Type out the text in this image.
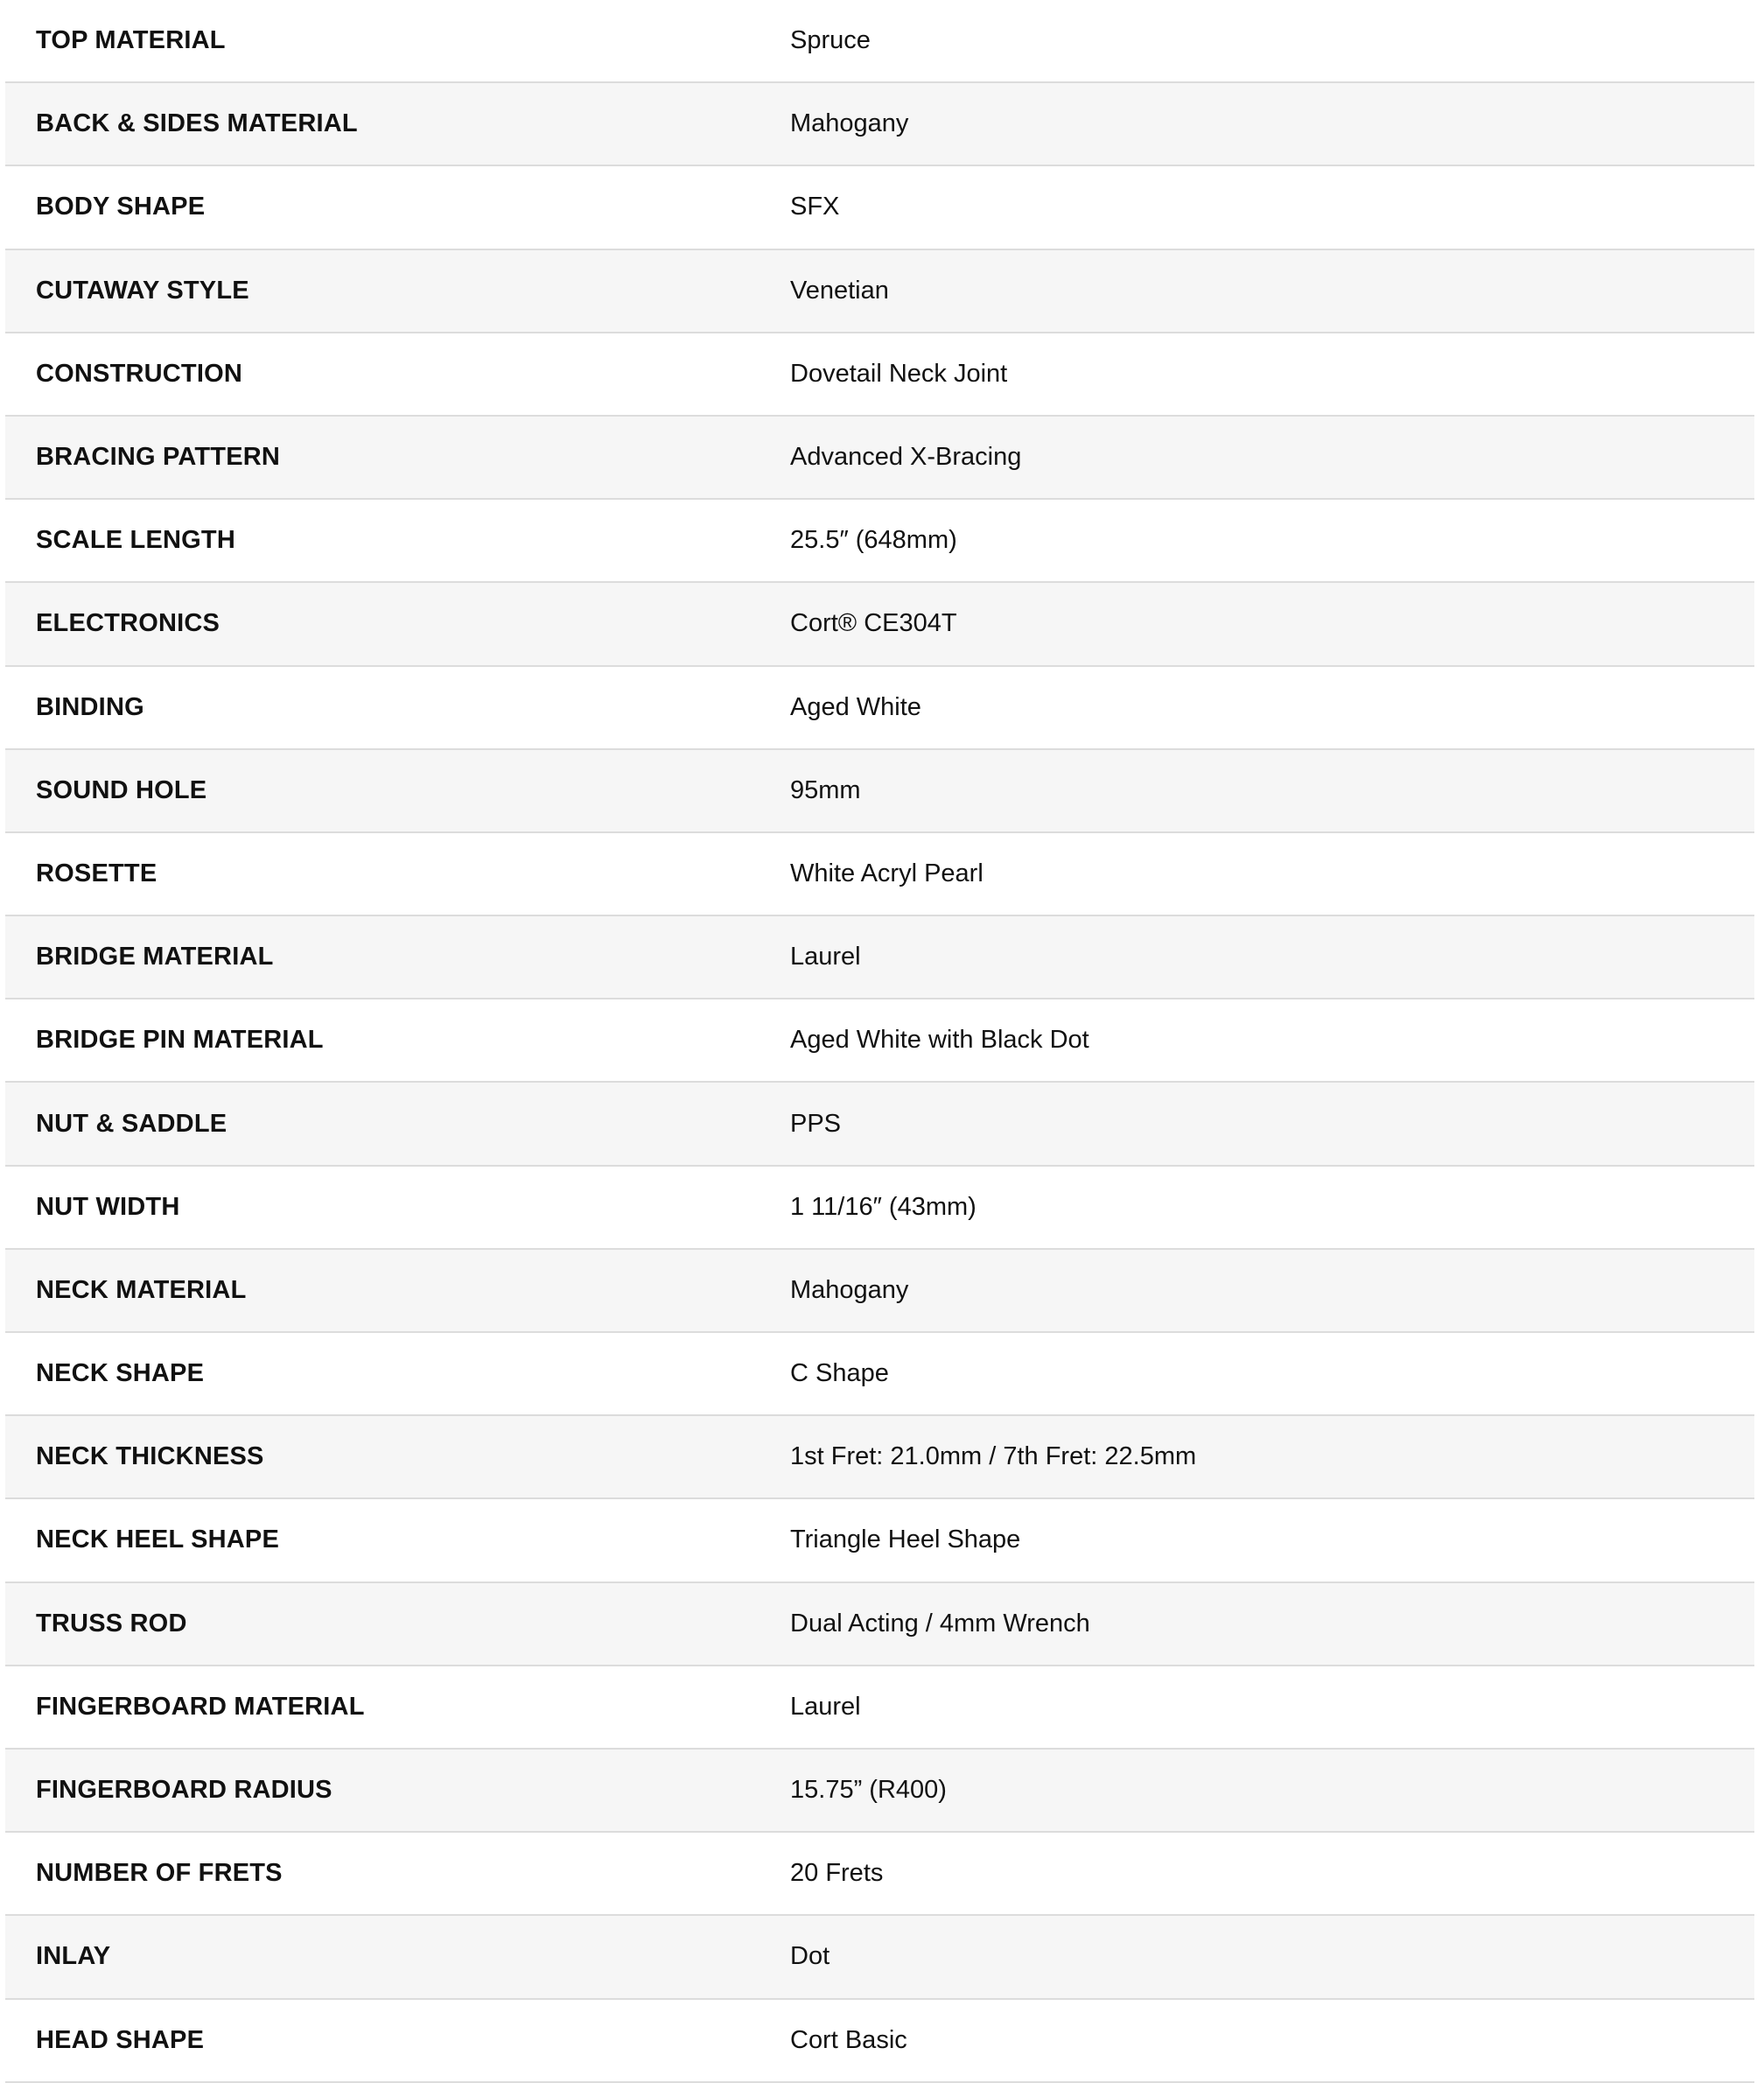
TOP MATERIAL	Spruce
BACK & SIDES MATERIAL	Mahogany
BODY SHAPE	SFX
CUTAWAY STYLE	Venetian
CONSTRUCTION	Dovetail Neck Joint
BRACING PATTERN	Advanced X-Bracing
SCALE LENGTH	25.5″ (648mm)
ELECTRONICS	Cort® CE304T
BINDING	Aged White
SOUND HOLE	95mm
ROSETTE	White Acryl Pearl
BRIDGE MATERIAL	Laurel
BRIDGE PIN MATERIAL	Aged White with Black Dot
NUT & SADDLE	PPS
NUT WIDTH	1 11/16″ (43mm)
NECK MATERIAL	Mahogany
NECK SHAPE	C Shape
NECK THICKNESS	1st Fret: 21.0mm / 7th Fret: 22.5mm
NECK HEEL SHAPE	Triangle Heel Shape
TRUSS ROD	Dual Acting / 4mm Wrench
FINGERBOARD MATERIAL	Laurel
FINGERBOARD RADIUS	15.75” (R400)
NUMBER OF FRETS	20 Frets
INLAY	Dot
HEAD SHAPE	Cort Basic
